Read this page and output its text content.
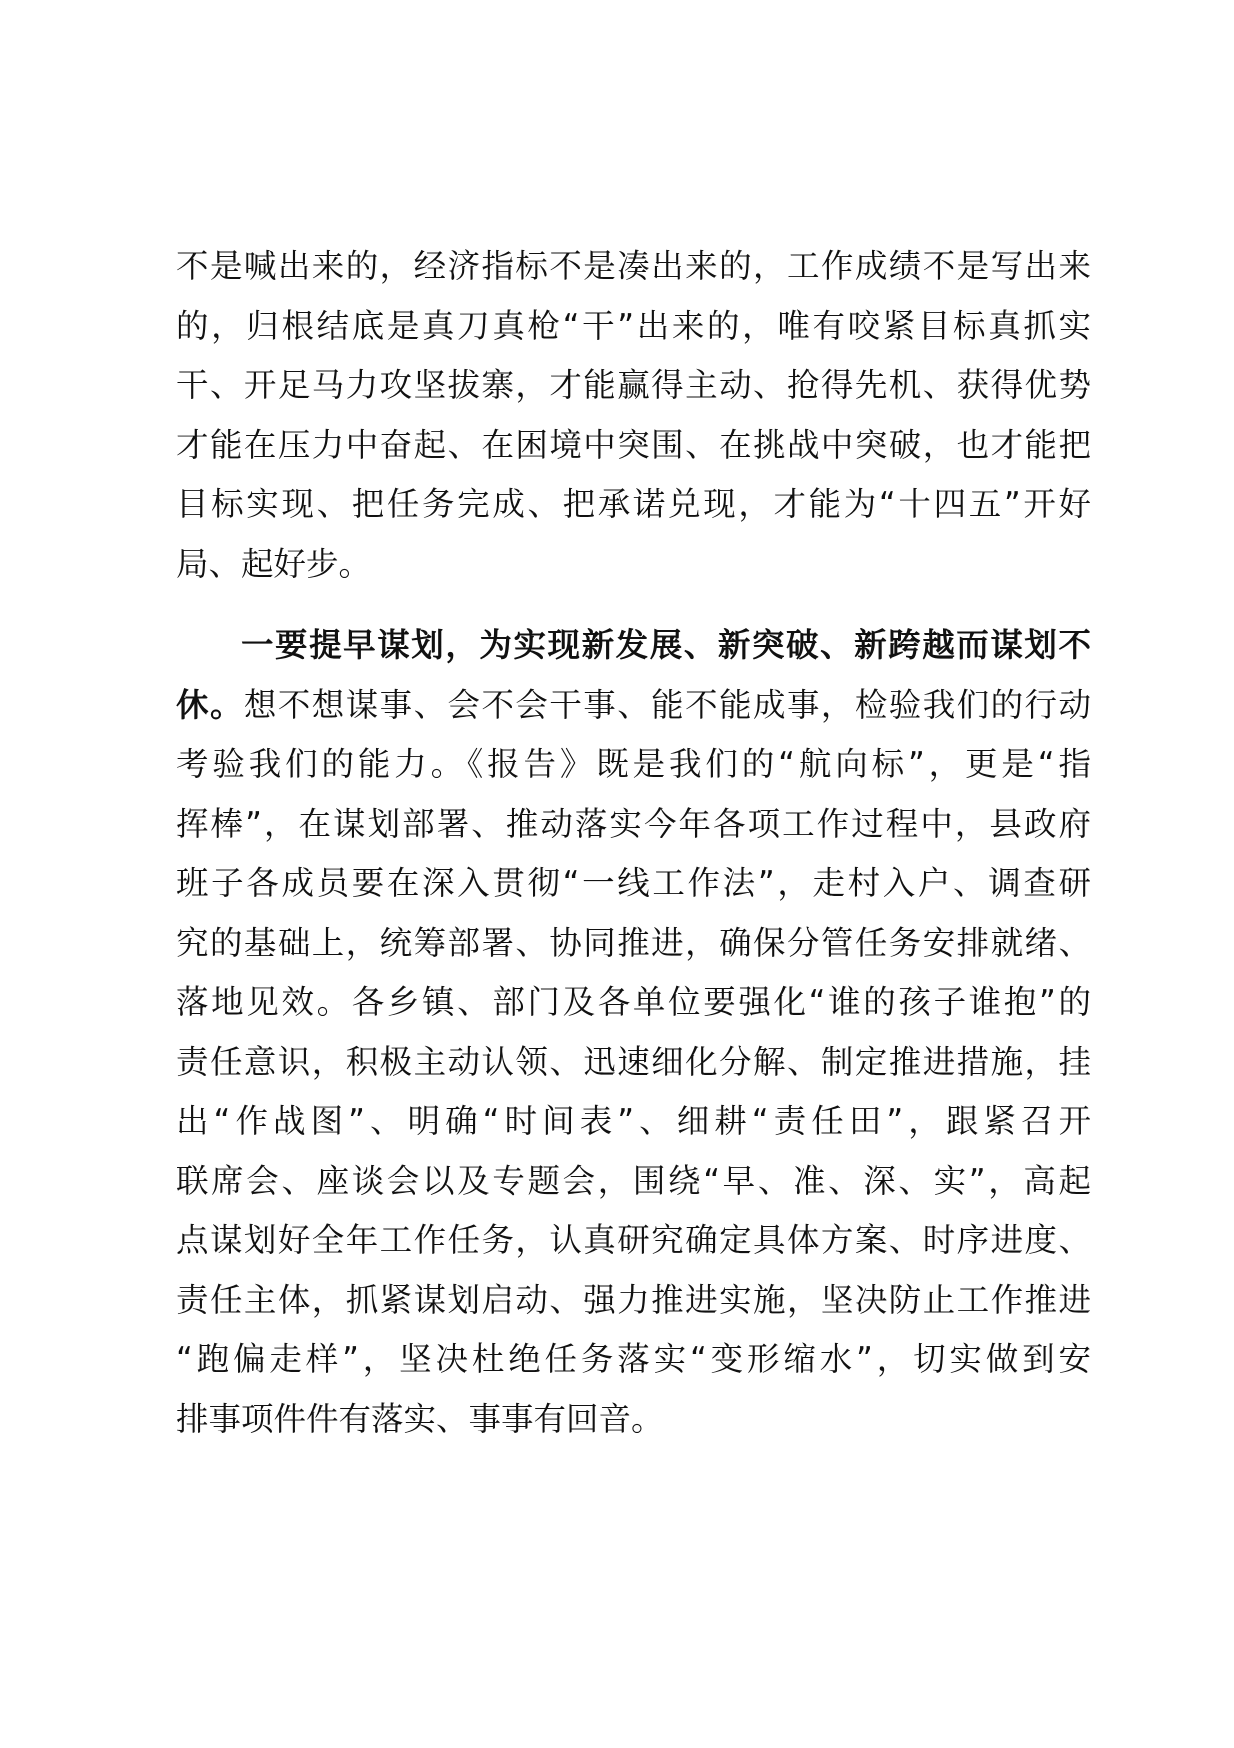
不是喊出来的，经济指标不是凑出来的，工作成绩不是写出来
的，归根结底是真刀真枪“干”出来的，唯有咬紧目标真抓实
干、开足马力攻坚拔寨，才能赢得主动、抢得先机、获得优势
才能在压力中奋起、在困境中突围、在挑战中突破，也才能把
目标实现、把任务完成、把承诺兑现，才能为“十四五”开好
局、起好步。
一要提早谋划，为实现新发展、新突破、新跨越而谋划不
休。想不想谋事、会不会干事、能不能成事，检验我们的行动
考验我们的能力。《报告》既是我们的“航向标”，更是“指
挥棒”，在谋划部署、推动落实今年各项工作过程中，县政府
班子各成员要在深入贯彻“一线工作法”，走村入户、调查研
究的基础上，统筹部署、协同推进，确保分管任务安排就绪、
落地见效。各乡镇、部门及各单位要强化“谁的孩子谁抱”的
责任意识，积极主动认领、迅速细化分解、制定推进措施，挂
出“作战图”、明确“时间表”、细耕“责任田”，跟紧召开
联席会、座谈会以及专题会，围绕“早、准、深、实”，高起
点谋划好全年工作任务，认真研究确定具体方案、时序进度、
责任主体，抓紧谋划启动、强力推进实施，坚决防止工作推进
“跑偏走样”，坚决杜绝任务落实“变形缩水”，切实做到安
排事项件件有落实、事事有回音。
